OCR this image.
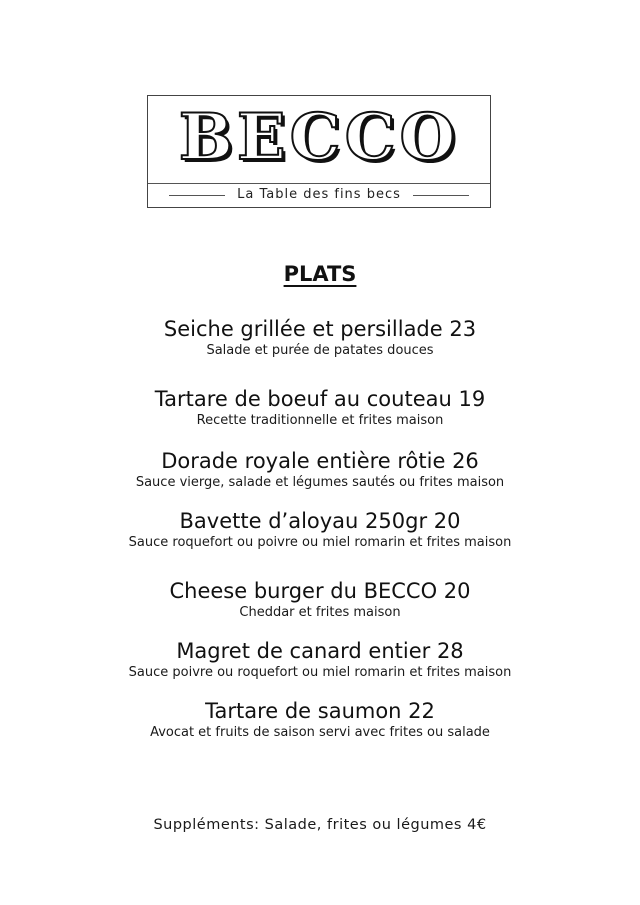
BECCO
La Table des fins becs
PLATS
Seiche grillée et persillade 23
Salade et purée de patates douces
Tartare de boeuf au couteau 19
Recette traditionnelle et frites maison
Dorade royale entière rôtie 26
Sauce vierge, salade et légumes sautés ou frites maison
Bavette d’aloyau 250gr 20
Sauce roquefort ou poivre ou miel romarin et frites maison
Cheese burger du BECCO 20
Cheddar et frites maison
Magret de canard entier 28
Sauce poivre ou roquefort ou miel romarin et frites maison
Tartare de saumon 22
Avocat et fruits de saison servi avec frites ou salade
Suppléments: Salade, frites ou légumes 4€
